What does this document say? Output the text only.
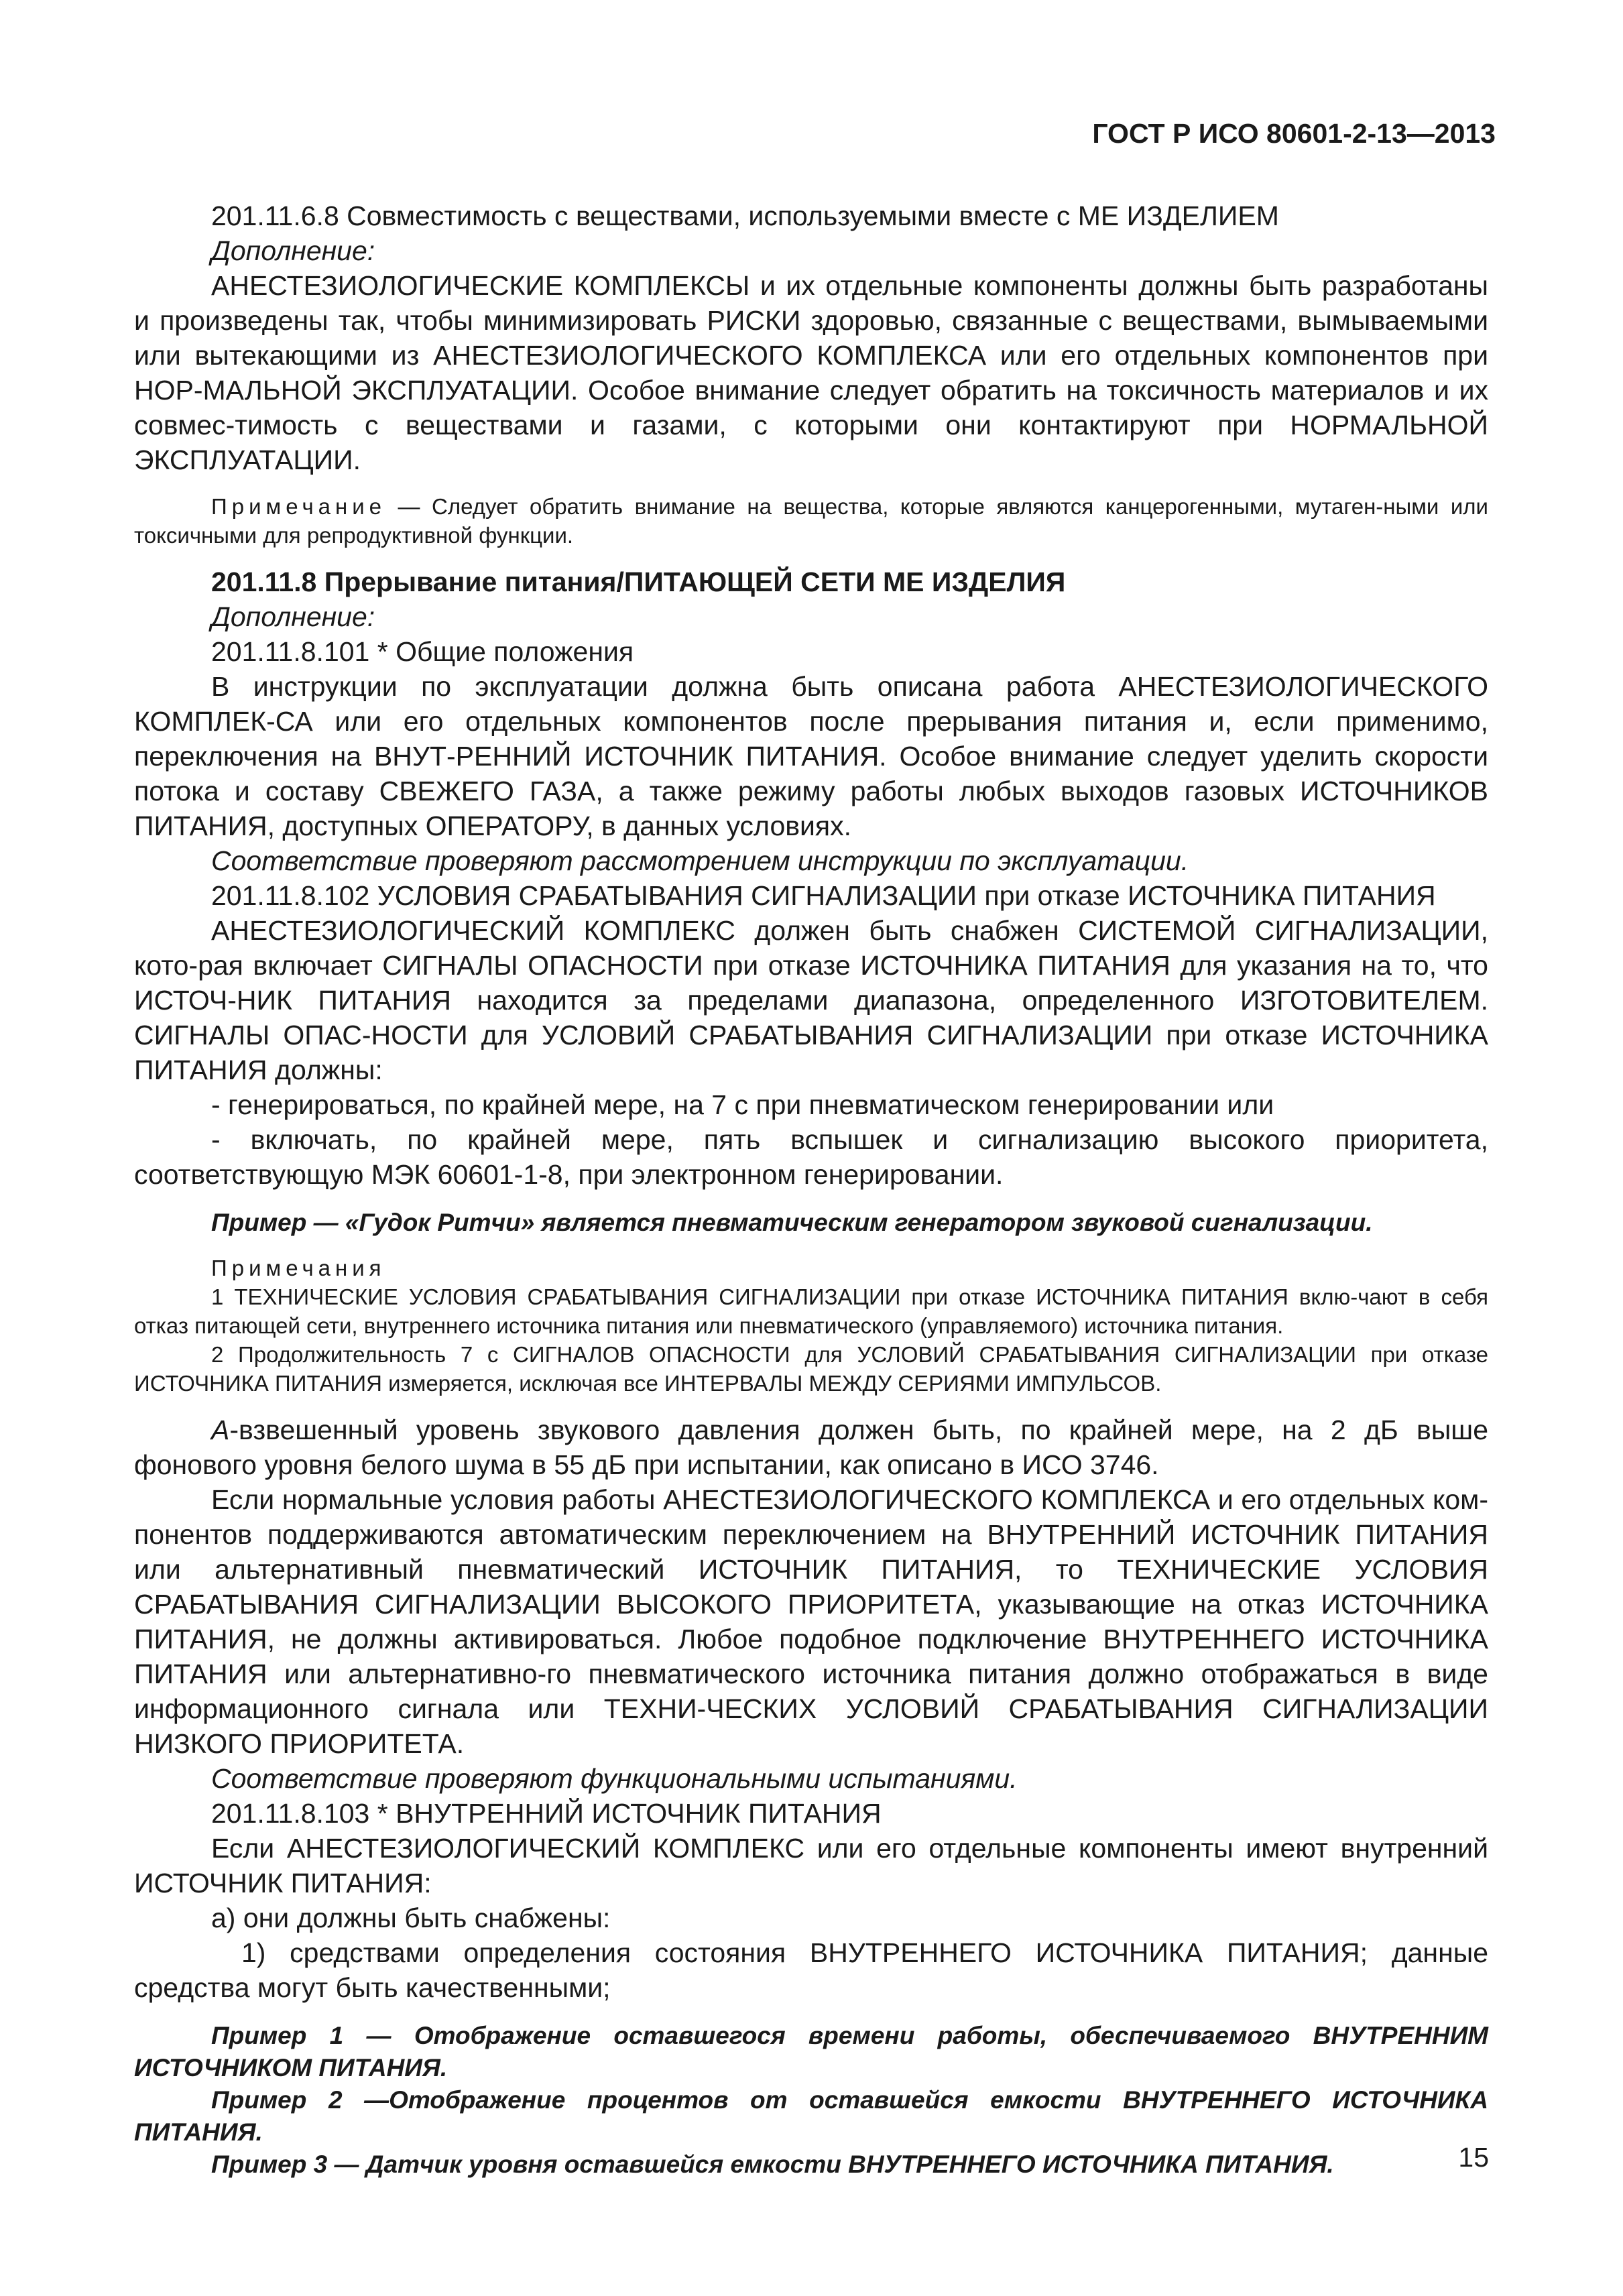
ГОСТ Р ИСО 80601-2-13—2013

201.11.6.8 Совместимость с веществами, используемыми вместе с МЕ ИЗДЕЛИЕМ

Дополнение:

АНЕСТЕЗИОЛОГИЧЕСКИЕ КОМПЛЕКСЫ и их отдельные компоненты должны быть разработаны и произведены так, чтобы минимизировать РИСКИ здоровью, связанные с веществами, вымываемыми или вытекающими из АНЕСТЕЗИОЛОГИЧЕСКОГО КОМПЛЕКСА или его отдельных компонентов при НОР-МАЛЬНОЙ ЭКСПЛУАТАЦИИ. Особое внимание следует обратить на токсичность материалов и их совмес-тимость с веществами и газами, с которыми они контактируют при НОРМАЛЬНОЙ ЭКСПЛУАТАЦИИ.

Примечание — Следует обратить внимание на вещества, которые являются канцерогенными, мутаген-ными или токсичными для репродуктивной функции.

201.11.8 Прерывание питания/ПИТАЮЩЕЙ СЕТИ МЕ ИЗДЕЛИЯ

Дополнение:

201.11.8.101 * Общие положения

В инструкции по эксплуатации должна быть описана работа АНЕСТЕЗИОЛОГИЧЕСКОГО КОМПЛЕК-СА или его отдельных компонентов после прерывания питания и, если применимо, переключения на ВНУТ-РЕННИЙ ИСТОЧНИК ПИТАНИЯ. Особое внимание следует уделить скорости потока и составу СВЕЖЕГО ГАЗА, а также режиму работы любых выходов газовых ИСТОЧНИКОВ ПИТАНИЯ, доступных ОПЕРАТОРУ, в данных условиях.

Соответствие проверяют рассмотрением инструкции по эксплуатации.

201.11.8.102 УСЛОВИЯ СРАБАТЫВАНИЯ СИГНАЛИЗАЦИИ при отказе ИСТОЧНИКА ПИТАНИЯ

АНЕСТЕЗИОЛОГИЧЕСКИЙ КОМПЛЕКС должен быть снабжен СИСТЕМОЙ СИГНАЛИЗАЦИИ, кото-рая включает СИГНАЛЫ ОПАСНОСТИ при отказе ИСТОЧНИКА ПИТАНИЯ для указания на то, что ИСТОЧ-НИК ПИТАНИЯ находится за пределами диапазона, определенного ИЗГОТОВИТЕЛЕМ. СИГНАЛЫ ОПАС-НОСТИ для УСЛОВИЙ СРАБАТЫВАНИЯ СИГНАЛИЗАЦИИ при отказе ИСТОЧНИКА ПИТАНИЯ должны:

- генерироваться, по крайней мере, на 7 с при пневматическом генерировании или

- включать, по крайней мере, пять вспышек и сигнализацию высокого приоритета, соответствующую МЭК 60601-1-8, при электронном генерировании.

Пример — «Гудок Ритчи» является пневматическим генератором звуковой сигнализации.

Примечания

1 ТЕХНИЧЕСКИЕ УСЛОВИЯ СРАБАТЫВАНИЯ СИГНАЛИЗАЦИИ при отказе ИСТОЧНИКА ПИТАНИЯ вклю-чают в себя отказ питающей сети, внутреннего источника питания или пневматического (управляемого) источника питания.

2 Продолжительность 7 с СИГНАЛОВ ОПАСНОСТИ для УСЛОВИЙ СРАБАТЫВАНИЯ СИГНАЛИЗАЦИИ при отказе ИСТОЧНИКА ПИТАНИЯ измеряется, исключая все ИНТЕРВАЛЫ МЕЖДУ СЕРИЯМИ ИМПУЛЬСОВ.

А-взвешенный уровень звукового давления должен быть, по крайней мере, на 2 дБ выше фонового уровня белого шума в 55 дБ при испытании, как описано в ИСО 3746.

Если нормальные условия работы АНЕСТЕЗИОЛОГИЧЕСКОГО КОМПЛЕКСА и его отдельных ком-понентов поддерживаются автоматическим переключением на ВНУТРЕННИЙ ИСТОЧНИК ПИТАНИЯ или альтернативный пневматический ИСТОЧНИК ПИТАНИЯ, то ТЕХНИЧЕСКИЕ УСЛОВИЯ СРАБАТЫВАНИЯ СИГНАЛИЗАЦИИ ВЫСОКОГО ПРИОРИТЕТА, указывающие на отказ ИСТОЧНИКА ПИТАНИЯ, не должны активироваться. Любое подобное подключение ВНУТРЕННЕГО ИСТОЧНИКА ПИТАНИЯ или альтернативно-го пневматического источника питания должно отображаться в виде информационного сигнала или ТЕХНИ-ЧЕСКИХ УСЛОВИЙ СРАБАТЫВАНИЯ СИГНАЛИЗАЦИИ НИЗКОГО ПРИОРИТЕТА.

Соответствие проверяют функциональными испытаниями.

201.11.8.103 * ВНУТРЕННИЙ ИСТОЧНИК ПИТАНИЯ

Если АНЕСТЕЗИОЛОГИЧЕСКИЙ КОМПЛЕКС или его отдельные компоненты имеют внутренний ИСТОЧНИК ПИТАНИЯ:

а) они должны быть снабжены:

1) средствами определения состояния ВНУТРЕННЕГО ИСТОЧНИКА ПИТАНИЯ; данные средства могут быть качественными;

Пример 1 — Отображение оставшегося времени работы, обеспечиваемого ВНУТРЕННИМ ИСТОЧНИКОМ ПИТАНИЯ.

Пример 2 —Отображение процентов от оставшейся емкости ВНУТРЕННЕГО ИСТОЧНИКА ПИТАНИЯ.

Пример 3 — Датчик уровня оставшейся емкости ВНУТРЕННЕГО ИСТОЧНИКА ПИТАНИЯ.	15
